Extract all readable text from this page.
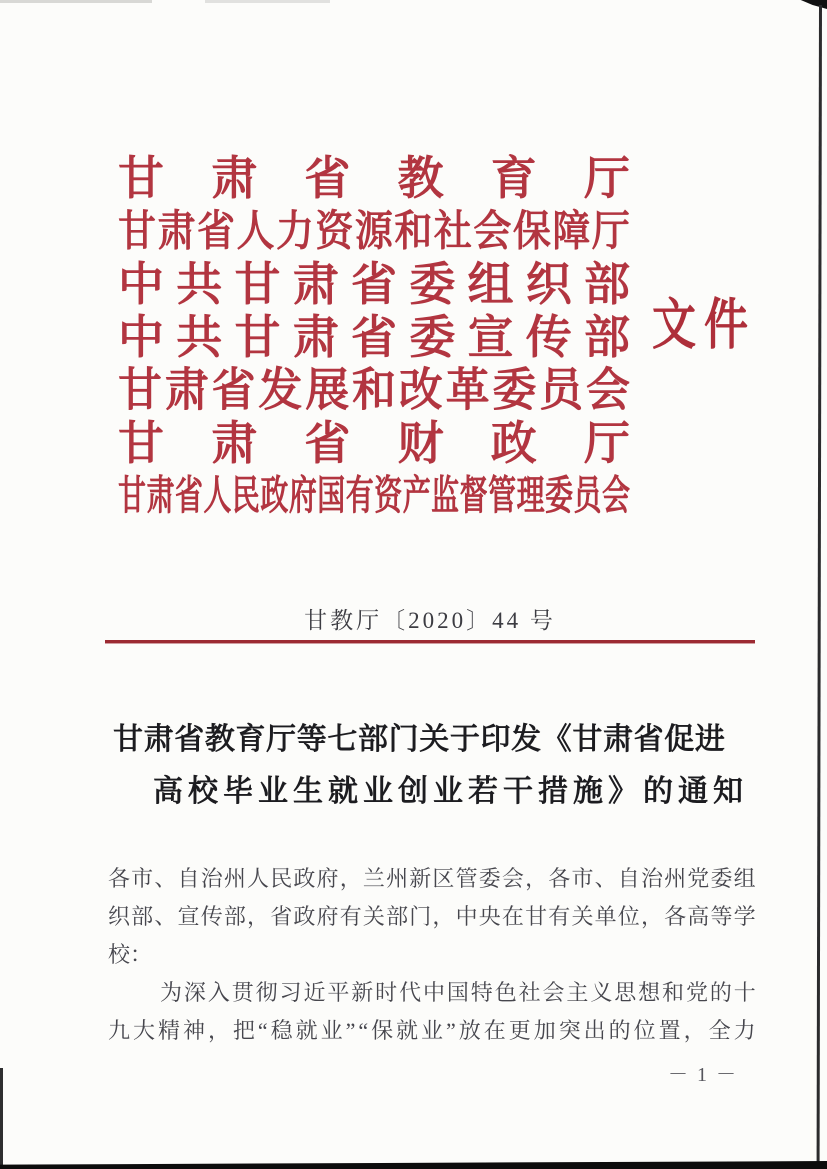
甘 肃 省 教 育 厅
甘 肃 省 人 力 资 源 和 社 会 保 障 厅
中 共 甘 肃 省 委 组 织 部
中 共 甘 肃 省 委 宣 传 部
甘 肃 省 发 展 和 改 革 委 员 会
甘 肃 省 财 政 厅
甘 肃 省 人 民 政 府 国 有 资 产 监 督 管 理 委 员 会
文 件
甘教厅〔2020〕44 号
甘 肃 省 教 育 厅 等 七 部 门 关 于 印 发 《 甘 肃 省 促 进
高 校 毕 业 生 就 业 创 业 若 干 措 施 》 的 通 知
各 市 、 自 治 州 人 民 政 府 ， 兰 州 新 区 管 委 会 ， 各 市 、 自 治 州 党 委 组
织 部 、 宣 传 部 ， 省 政 府 有 关 部 门 ， 中 央 在 甘 有 关 单 位 ， 各 高 等 学
校：
为 深 入 贯 彻 习 近 平 新 时 代 中 国 特 色 社 会 主 义 思 想 和 党 的 十
九 大 精 神 ， 把 “ 稳 就 业 ” “ 保 就 业 ” 放 在 更 加 突 出 的 位 置 ， 全 力
－ 1 －
